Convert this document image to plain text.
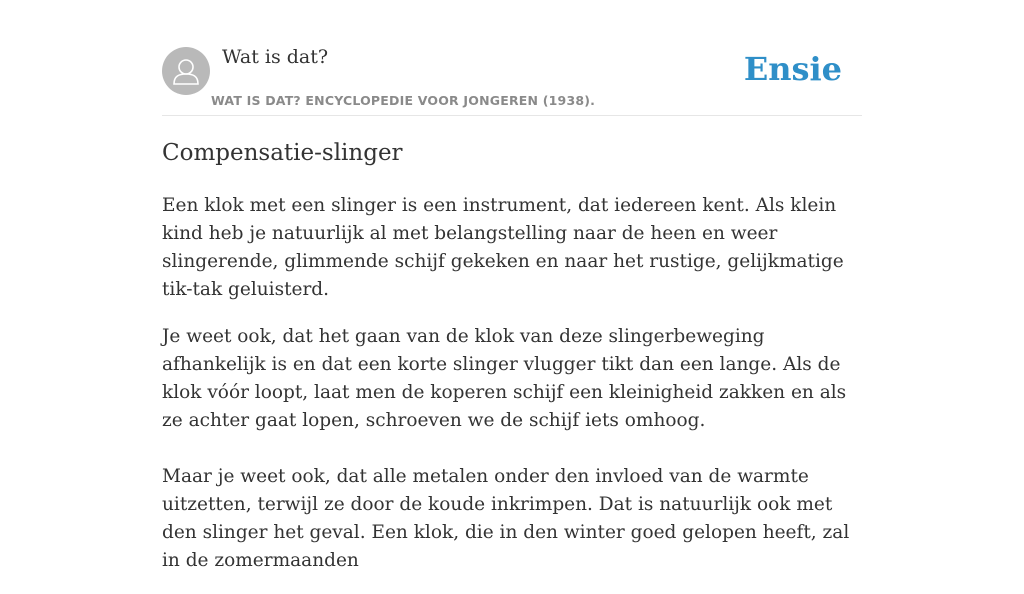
Wat is dat?
WAT IS DAT? ENCYCLOPEDIE VOOR JONGEREN (1938).
Ensie
Compensatie-slinger

Een klok met een slinger is een instrument, dat iedereen kent. Als klein kind heb je natuurlijk al met belangstelling naar de heen en weer slingerende, glimmende schijf gekeken en naar het rustige, gelijkmatige tik-tak geluisterd.

Je weet ook, dat het gaan van de klok van deze slingerbeweging afhankelijk is en dat een korte slinger vlugger tikt dan een lange. Als de klok vóór loopt, laat men de koperen schijf een kleinigheid zakken en als ze achter gaat lopen, schroeven we de schijf iets omhoog.

Maar je weet ook, dat alle metalen onder den invloed van de warmte uitzetten, terwijl ze door de koude inkrimpen. Dat is natuurlijk ook met den slinger het geval. Een klok, die in den winter goed gelopen heeft, zal in de zomermaanden
